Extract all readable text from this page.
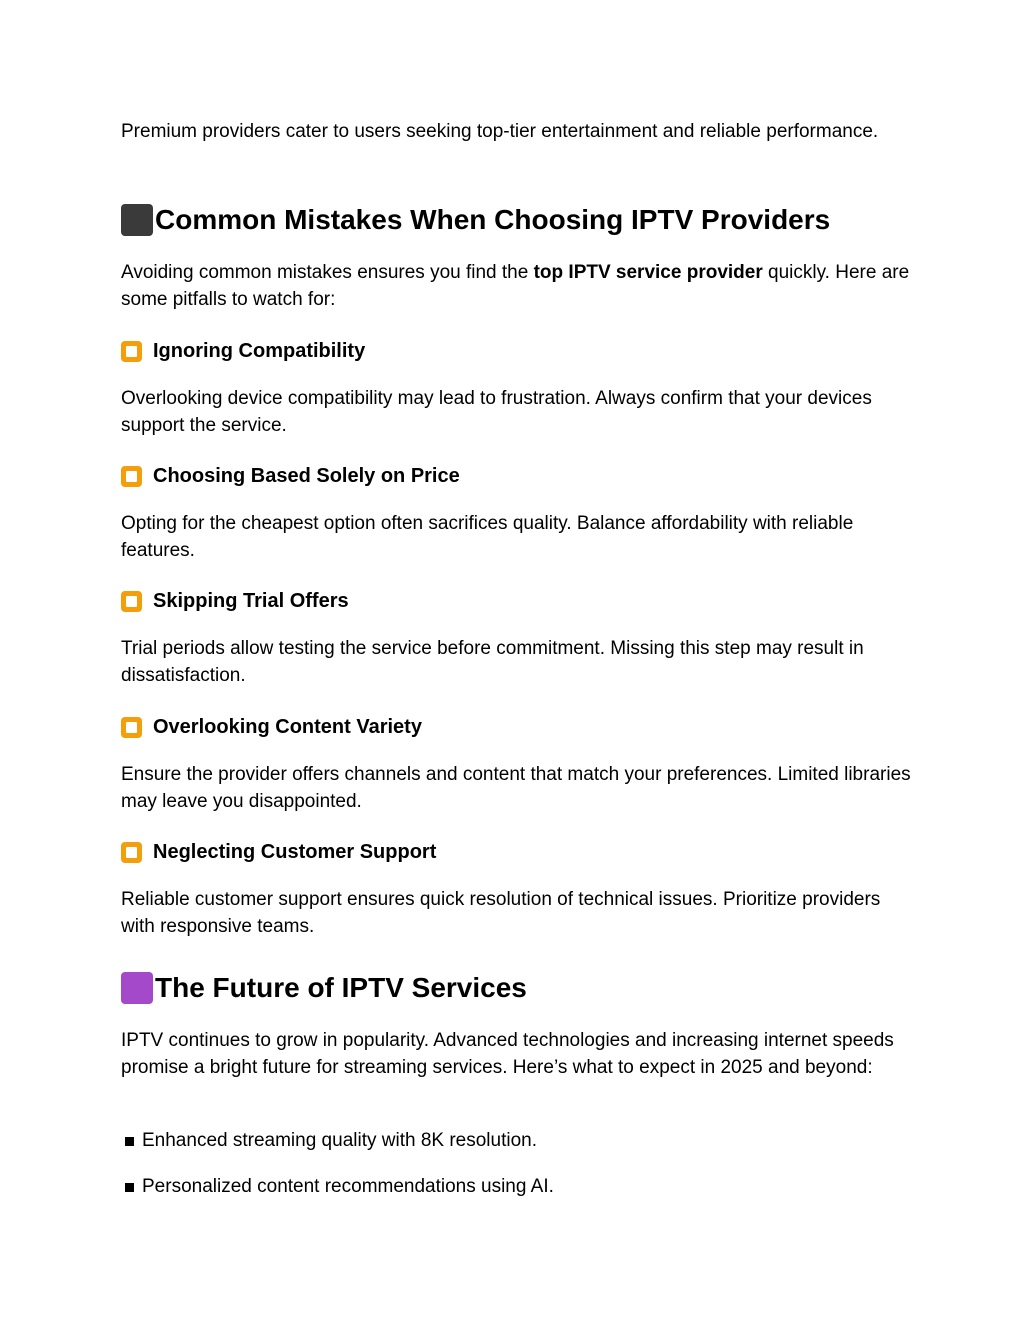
Premium providers cater to users seeking top-tier entertainment and reliable performance.

Common Mistakes When Choosing IPTV Providers

Avoiding common mistakes ensures you find the top IPTV service provider quickly. Here are some pitfalls to watch for:

Ignoring Compatibility

Overlooking device compatibility may lead to frustration. Always confirm that your devices support the service.

Choosing Based Solely on Price

Opting for the cheapest option often sacrifices quality. Balance affordability with reliable features.

Skipping Trial Offers

Trial periods allow testing the service before commitment. Missing this step may result in dissatisfaction.

Overlooking Content Variety

Ensure the provider offers channels and content that match your preferences. Limited libraries may leave you disappointed.

Neglecting Customer Support

Reliable customer support ensures quick resolution of technical issues. Prioritize providers with responsive teams.

The Future of IPTV Services

IPTV continues to grow in popularity. Advanced technologies and increasing internet speeds promise a bright future for streaming services. Here’s what to expect in 2025 and beyond:

Enhanced streaming quality with 8K resolution.
Personalized content recommendations using AI.
